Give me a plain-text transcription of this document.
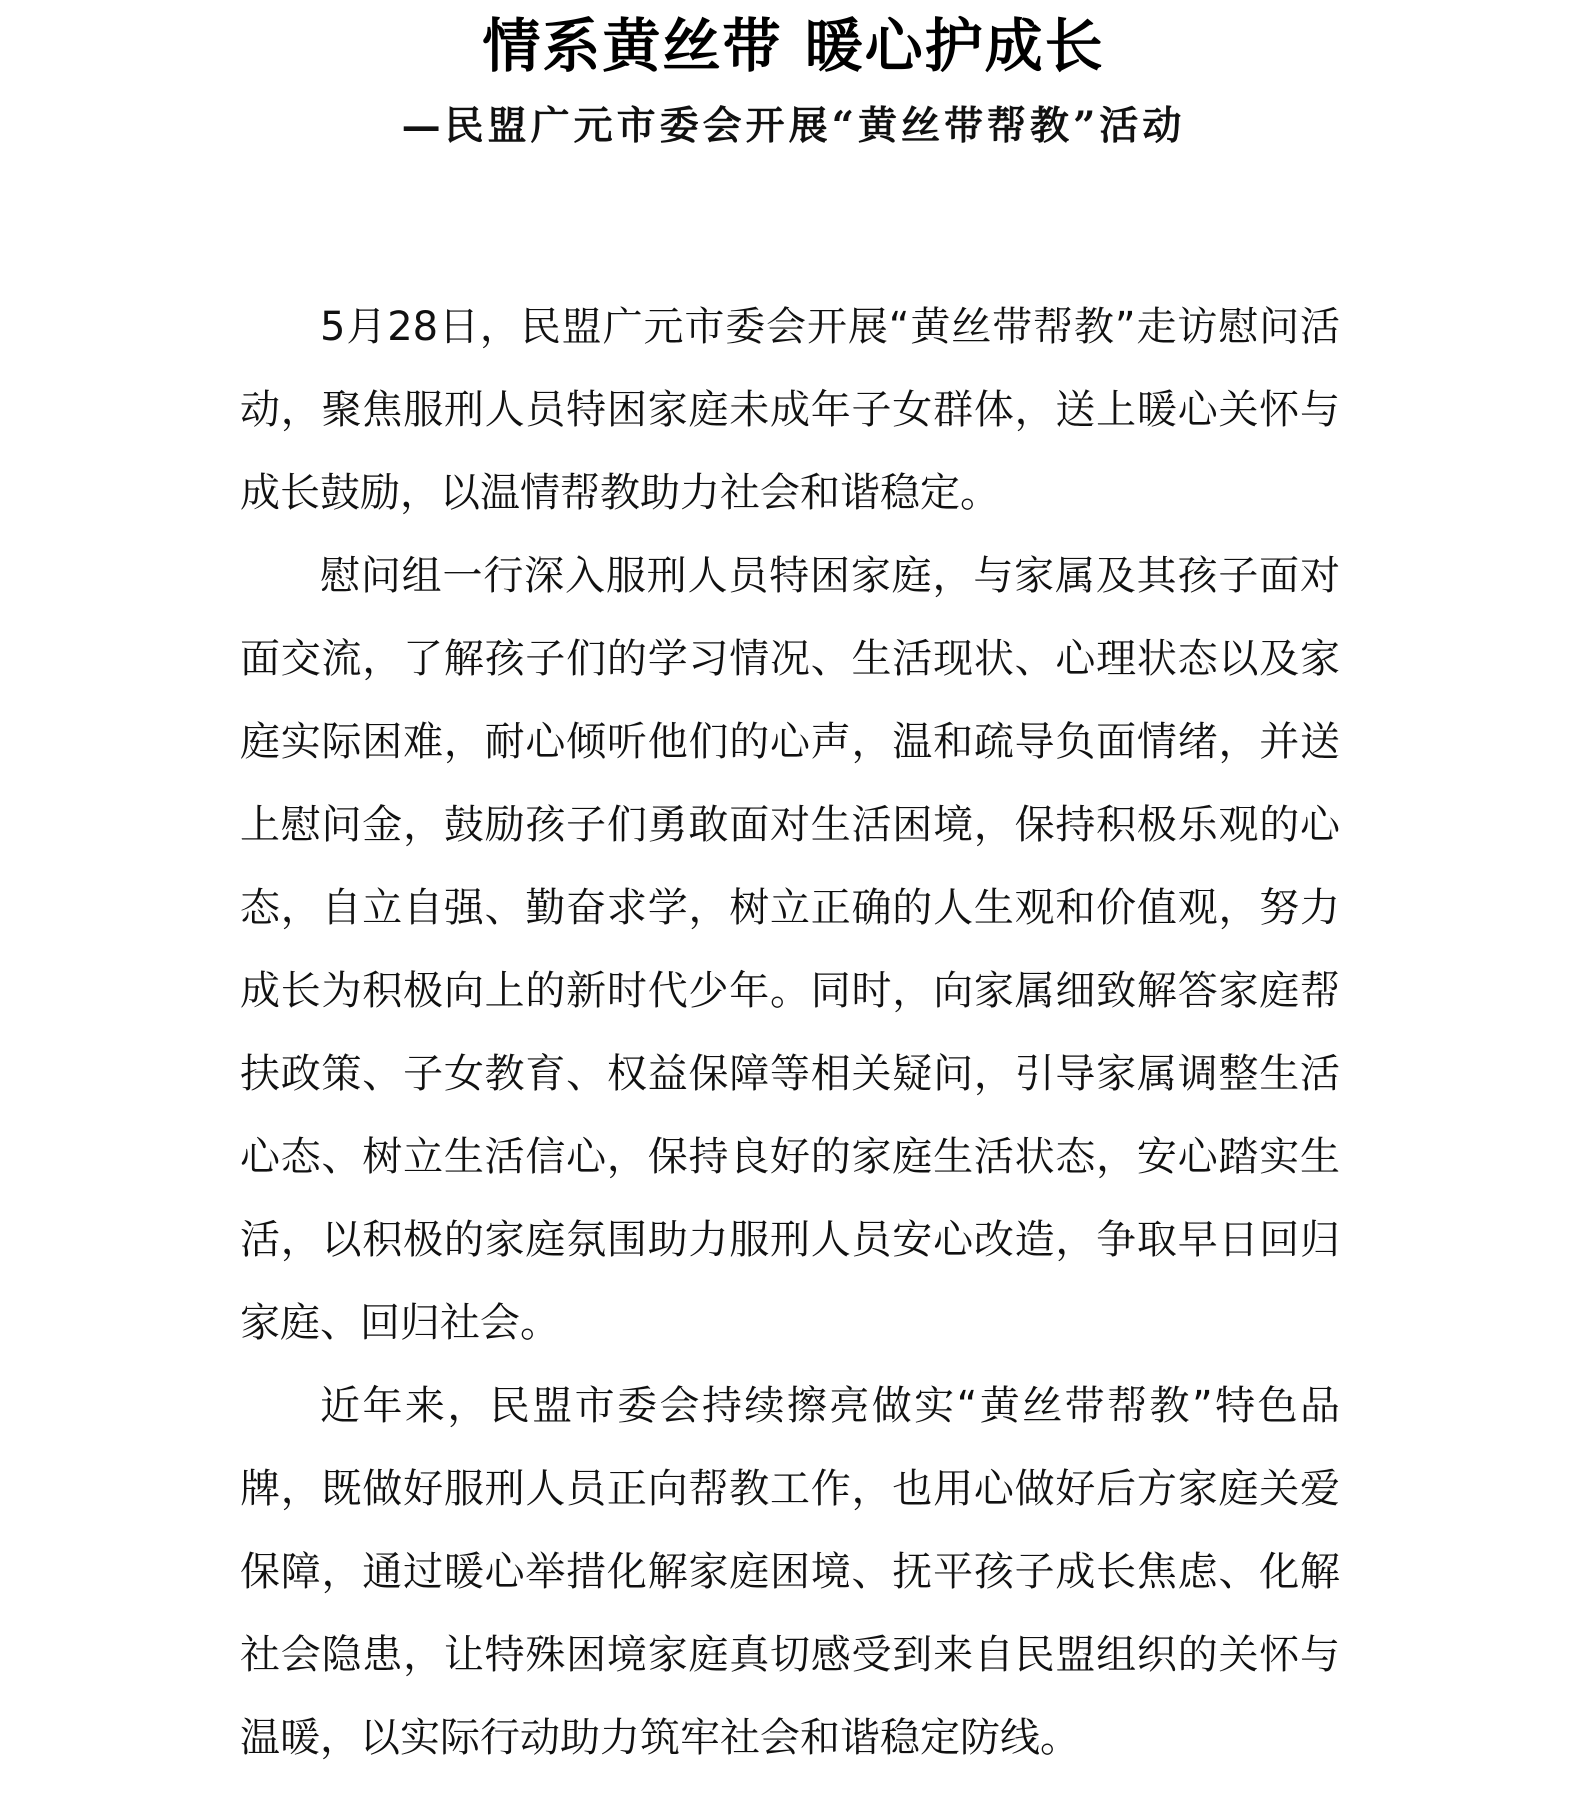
情系黄丝带 暖心护成长
—民盟广元市委会开展“黄丝带帮教”活动

5月28日，民盟广元市委会开展“黄丝带帮教”走访慰问活动，聚焦服刑人员特困家庭未成年子女群体，送上暖心关怀与成长鼓励，以温情帮教助力社会和谐稳定。

慰问组一行深入服刑人员特困家庭，与家属及其孩子面对面交流，了解孩子们的学习情况、生活现状、心理状态以及家庭实际困难，耐心倾听他们的心声，温和疏导负面情绪，并送上慰问金，鼓励孩子们勇敢面对生活困境，保持积极乐观的心态，自立自强、勤奋求学，树立正确的人生观和价值观，努力成长为积极向上的新时代少年。同时，向家属细致解答家庭帮扶政策、子女教育、权益保障等相关疑问，引导家属调整生活心态、树立生活信心，保持良好的家庭生活状态，安心踏实生活，以积极的家庭氛围助力服刑人员安心改造，争取早日回归家庭、回归社会。

近年来，民盟市委会持续擦亮做实“黄丝带帮教”特色品牌，既做好服刑人员正向帮教工作，也用心做好后方家庭关爱保障，通过暖心举措化解家庭困境、抚平孩子成长焦虑、化解社会隐患，让特殊困境家庭真切感受到来自民盟组织的关怀与温暖，以实际行动助力筑牢社会和谐稳定防线。
